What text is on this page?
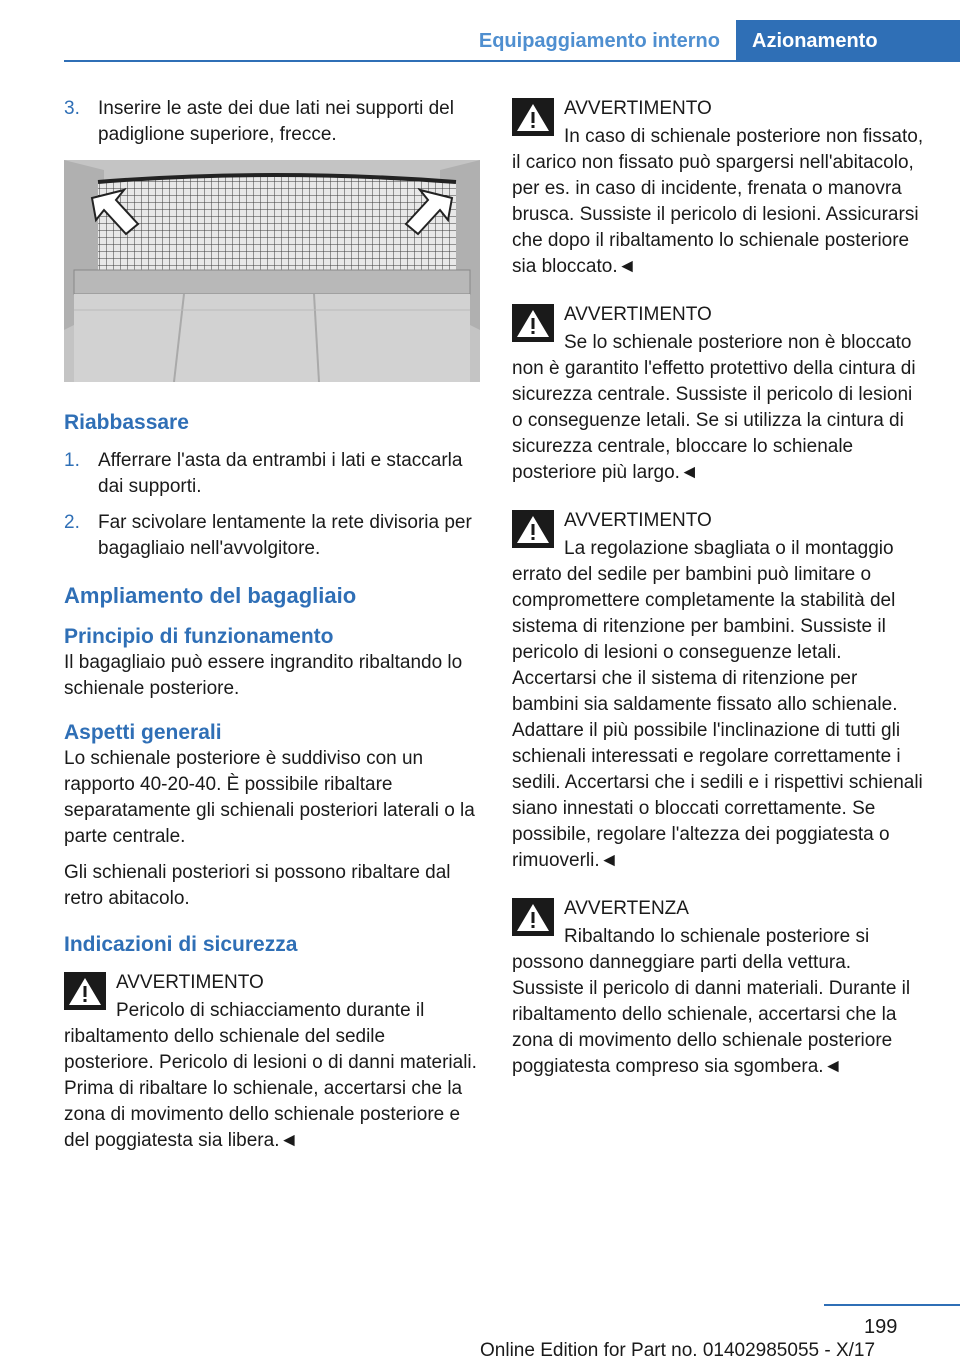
Equipaggiamento interno	Azionamento
3. Inserire le aste dei due lati nei supporti del padiglione superiore, frecce.
Riabbassare
1. Afferrare l'asta da entrambi i lati e staccarla dai supporti.
2. Far scivolare lentamente la rete divisoria per bagagliaio nell'avvolgitore.
Ampliamento del bagagliaio
Principio di funzionamento

Il bagagliaio può essere ingrandito ribaltando lo schienale posteriore.

Aspetti generali

Lo schienale posteriore è suddiviso con un rapporto 40-20-40. È possibile ribaltare separatamente gli schienali posteriori laterali o la parte centrale.

Gli schienali posteriori si possono ribaltare dal retro abitacolo.

Indicazioni di sicurezza
AVVERTIMENTO
Pericolo di schiacciamento durante il ribaltamento dello schienale del sedile posteriore. Pericolo di lesioni o di danni materiali. Prima di ribaltare lo schienale, accertarsi che la zona di movimento dello schienale posteriore e del poggiatesta sia libera.◄
AVVERTIMENTO
In caso di schienale posteriore non fissato, il carico non fissato può spargersi nell'abitacolo, per es. in caso di incidente, frenata o manovra brusca. Sussiste il pericolo di lesioni. Assicurarsi che dopo il ribaltamento lo schienale posteriore sia bloccato.◄
AVVERTIMENTO
Se lo schienale posteriore non è bloccato non è garantito l'effetto protettivo della cintura di sicurezza centrale. Sussiste il pericolo di lesioni o conseguenze letali. Se si utilizza la cintura di sicurezza centrale, bloccare lo schienale posteriore più largo.◄
AVVERTIMENTO
La regolazione sbagliata o il montaggio errato del sedile per bambini può limitare o compromettere completamente la stabilità del sistema di ritenzione per bambini. Sussiste il pericolo di lesioni o conseguenze letali. Accertarsi che il sistema di ritenzione per bambini sia saldamente fissato allo schienale. Adattare il più possibile l'inclinazione di tutti gli schienali interessati e regolare correttamente i sedili. Accertarsi che i sedili e i rispettivi schienali siano innestati o bloccati correttamente. Se possibile, regolare l'altezza dei poggiatesta o rimuoverli.◄
AVVERTENZA
Ribaltando lo schienale posteriore si possono danneggiare parti della vettura. Sussiste il pericolo di danni materiali. Durante il ribaltamento dello schienale, accertarsi che la zona di movimento dello schienale posteriore poggiatesta compreso sia sgombera.◄
199
Online Edition for Part no. 01402985055 - X/17
